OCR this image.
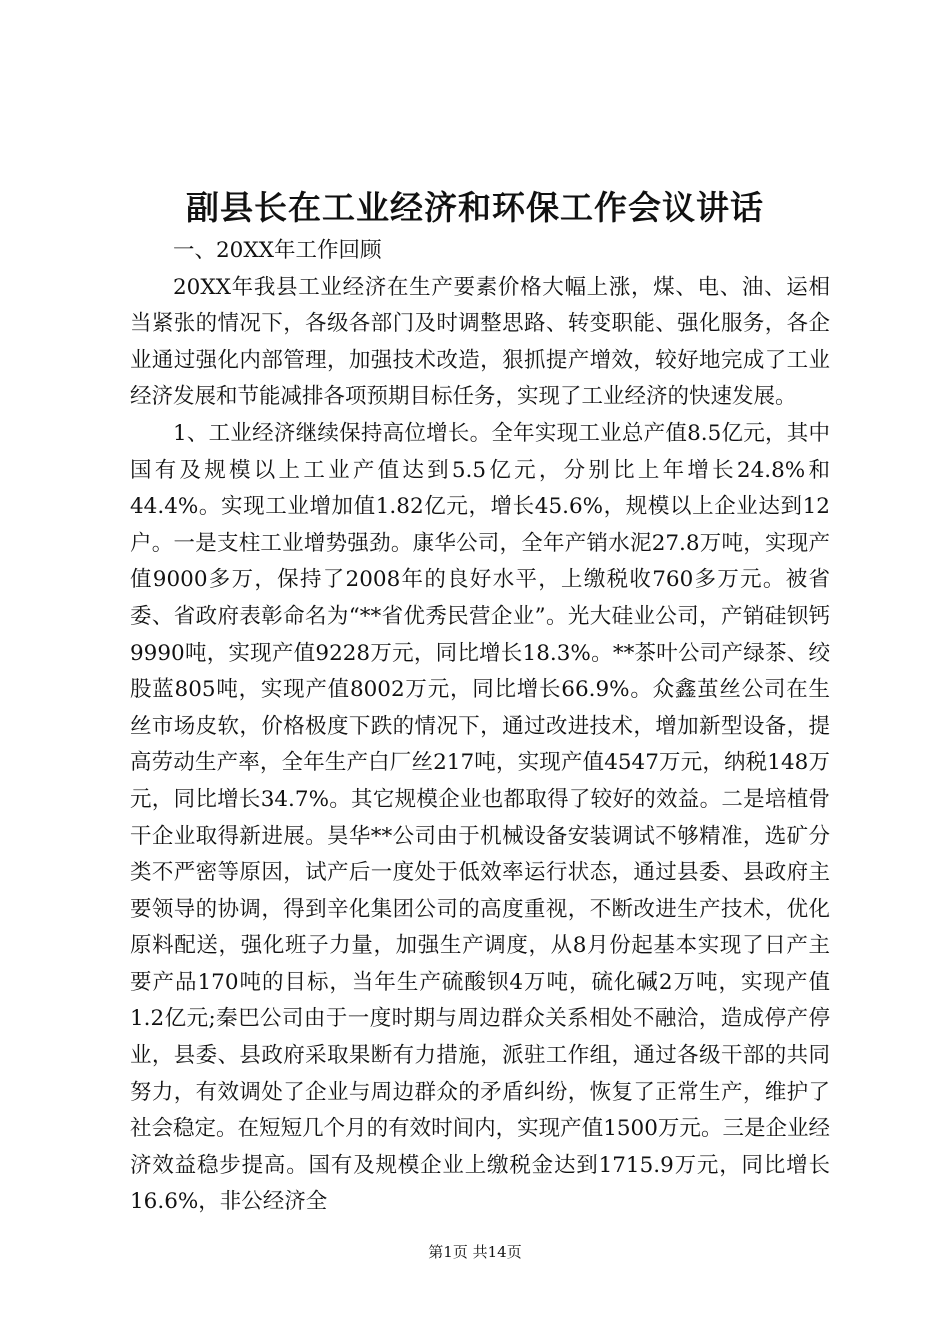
副县长在工业经济和环保工作会议讲话

一、20XX年工作回顾

20XX年我县工业经济在生产要素价格大幅上涨，煤、电、油、运相当紧张的情况下，各级各部门及时调整思路、转变职能、强化服务，各企业通过强化内部管理，加强技术改造，狠抓提产增效，较好地完成了工业经济发展和节能减排各项预期目标任务，实现了工业经济的快速发展。

1、工业经济继续保持高位增长。全年实现工业总产值8.5亿元，其中国有及规模以上工业产值达到5.5亿元，分别比上年增长24.8%和44.4%。实现工业增加值1.82亿元，增长45.6%，规模以上企业达到12户。一是支柱工业增势强劲。康华公司，全年产销水泥27.8万吨，实现产值9000多万，保持了2008年的良好水平，上缴税收760多万元。被省委、省政府表彰命名为“**省优秀民营企业”。光大硅业公司，产销硅钡钙9990吨，实现产值9228万元，同比增长18.3%。**茶叶公司产绿茶、绞股蓝805吨，实现产值8002万元，同比增长66.9%。众鑫茧丝公司在生丝市场皮软，价格极度下跌的情况下，通过改进技术，增加新型设备，提高劳动生产率，全年生产白厂丝217吨，实现产值4547万元，纳税148万元，同比增长34.7%。其它规模企业也都取得了较好的效益。二是培植骨干企业取得新进展。昊华**公司由于机械设备安装调试不够精准，选矿分类不严密等原因，试产后一度处于低效率运行状态，通过县委、县政府主要领导的协调，得到辛化集团公司的高度重视，不断改进生产技术，优化原料配送，强化班子力量，加强生产调度，从8月份起基本实现了日产主要产品170吨的目标，当年生产硫酸钡4万吨，硫化碱2万吨，实现产值1.2亿元;秦巴公司由于一度时期与周边群众关系相处不融洽，造成停产停业，县委、县政府采取果断有力措施，派驻工作组，通过各级干部的共同努力，有效调处了企业与周边群众的矛盾纠纷，恢复了正常生产，维护了社会稳定。在短短几个月的有效时间内，实现产值1500万元。三是企业经济效益稳步提高。国有及规模企业上缴税金达到1715.9万元，同比增长16.6%，非公经济全

第1页 共14页
